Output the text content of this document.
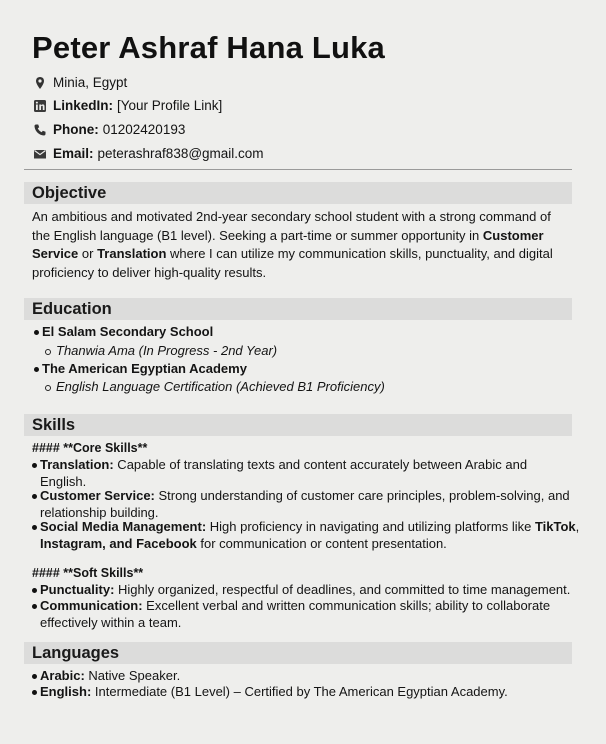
Peter Ashraf Hana Luka
Minia, Egypt
LinkedIn: [Your Profile Link]
Phone: 01202420193
Email: peterashraf838@gmail.com
Objective
An ambitious and motivated 2nd-year secondary school student with a strong command of the English language (B1 level). Seeking a part-time or summer opportunity in Customer Service or Translation where I can utilize my communication skills, punctuality, and digital proficiency to deliver high-quality results.
Education
El Salam Secondary School
Thanwia Ama (In Progress - 2nd Year)
The American Egyptian Academy
English Language Certification (Achieved B1 Proficiency)
Skills
#### **Core Skills**
Translation: Capable of translating texts and content accurately between Arabic and
English.
Customer Service: Strong understanding of customer care principles, problem-solving, and
relationship building.
Social Media Management: High proficiency in navigating and utilizing platforms like TikTok,
Instagram, and Facebook for communication or content presentation.
#### **Soft Skills**
Punctuality: Highly organized, respectful of deadlines, and committed to time management.
Communication: Excellent verbal and written communication skills; ability to collaborate
effectively within a team.
Languages
Arabic: Native Speaker.
English: Intermediate (B1 Level) – Certified by The American Egyptian Academy.
